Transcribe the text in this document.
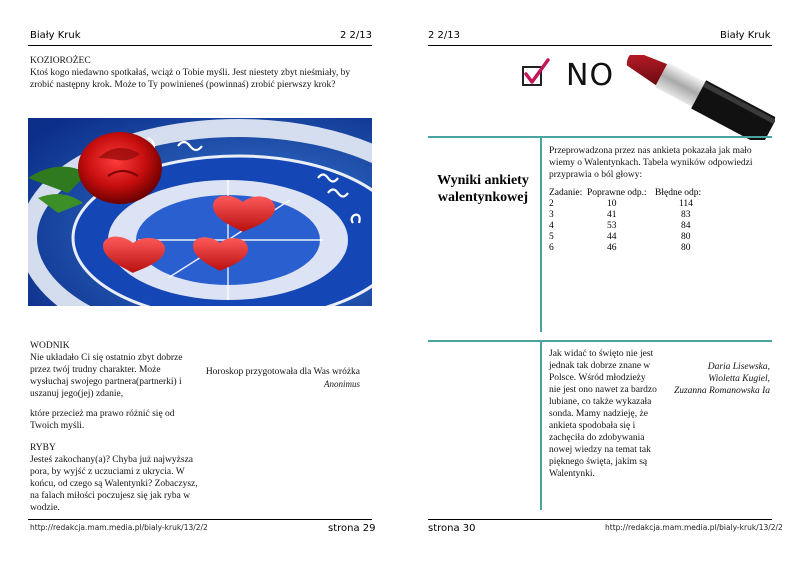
Biały Kruk	2 2/13
KOZIOROŻEC
Ktoś kogo niedawno spotkałaś, wciąż o Tobie myśli. Jest niestety zbyt nieśmiały, by zrobić następny krok. Może to Ty powinieneś (powinnaś) zrobić pierwszy krok?
WODNIK
Nie układało Ci się ostatnio zbyt dobrze przez twój trudny charakter. Może wysłuchaj swojego partnera(partnerki) i uszanuj jego(jej) zdanie,
które przecież ma prawo różnić się od Twoich myśli.
Horoskop przygotowała dla Was wróżka
Anonimus
RYBY
Jesteś zakochany(a)? Chyba już najwyższa pora, by wyjść z uczuciami z ukrycia. W końcu, od czego są Walentynki? Zobaczysz, na falach miłości poczujesz się jak ryba w wodzie.
http://redakcja.mam.media.pl/bialy-kruk/13/2/2	strona 29
2 2/13	Biały Kruk
NO
Wyniki ankiety walentynkowej
Przeprowadzona przez nas ankieta pokazała jak mało wiemy o Walentynkach. Tabela wyników odpowiedzi przyprawia o ból głowy:
Zadanie:	Poprawne odp.:	Błędne odp:
2	10	114
3	41	83
4	53	84
5	44	80
6	46	80
Jak widać to święto nie jest jednak tak dobrze znane w Polsce. Wśród młodzieży nie jest ono nawet za bardzo lubiane, co także wykazała sonda. Mamy nadzieję, że ankieta spodobała się i zachęciła do zdobywania nowej wiedzy na temat tak pięknego święta, jakim są Walentynki.
Daria Lisewska,
Wioletta Kugiel,
Zuzanna Romanowska Ia
strona 30	http://redakcja.mam.media.pl/bialy-kruk/13/2/2
